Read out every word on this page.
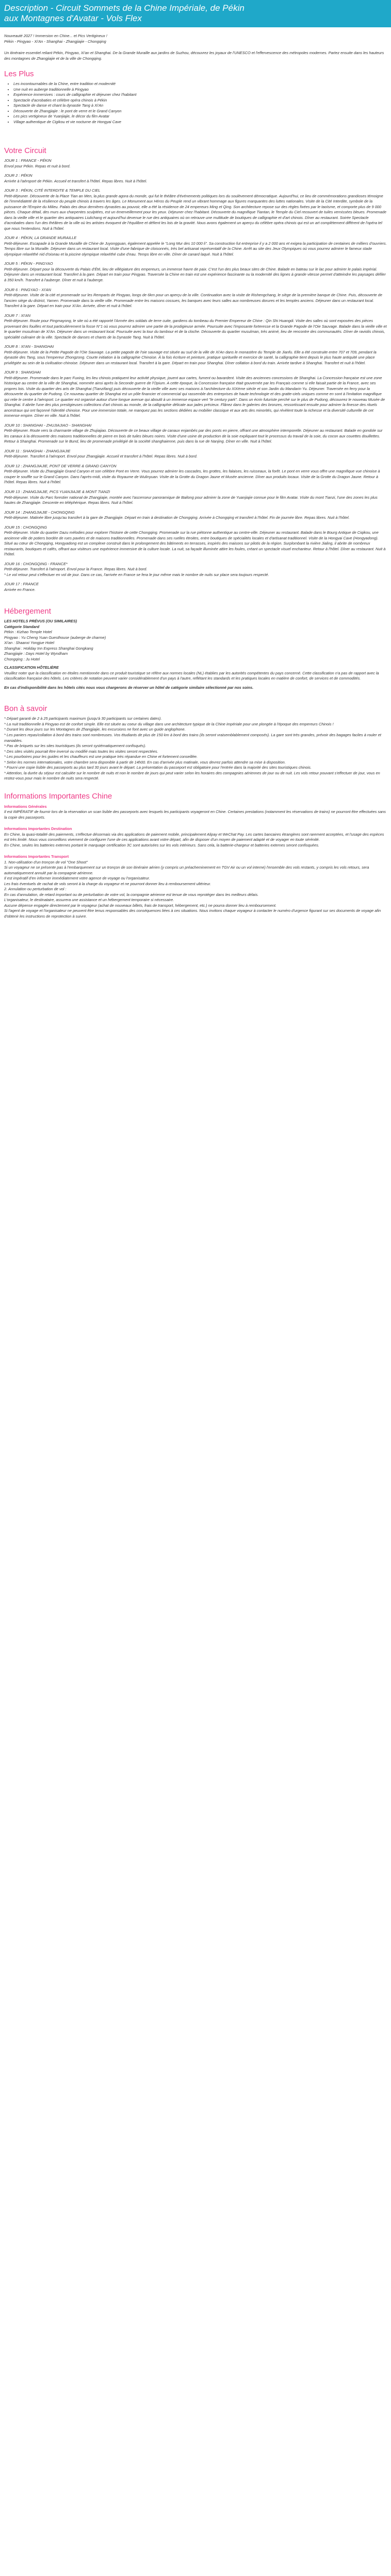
Description - Circuit Sommets de la Chine Impériale, de Pékin aux Montagnes d'Avatar - Vols Flex

Nouveauté 2027 ! Immersion en Chine... et Pics Vertigineux !

Pékin - Pingyao - Xi'An - Shanghai - Zhangjiajie - Chongqing

Un itinéraire essentiel reliant Pékin, Pingyao, Xi'an et Shanghai. De la Grande Muraille aux jardins de Suzhou, découvrez les joyaux de l'UNESCO et l'effervescence des métropoles modernes. Partez ensuite dans les hauteurs des montagnes de Zhangjiajie et de la ville de Chongqing.

Les Plus
• Les incontournables de la Chine, entre tradition et modernité
• Une nuit en auberge traditionnelle à Pingyao
• Expérience immersives : cours de calligraphie et déjeuner chez l'habitant
• Spectacle d'acrobaties et célèbre opéra chinois à Pékin
• Spectacle de danse et chant la dynastie Tang à Xi'An
• Découverte de Zhangjiajie : le pont de verre et le Grand Canyon
• Les pics vertigineux de Yuanjiajie, le décor du film Avatar
• Village authentique de Cigikou et vie nocturne de Hongyai Cave
Votre Circuit

JOUR 1 : FRANCE - PÉKIN

Envol pour Pékin. Repas et nuit à bord.

JOUR 2 : PÉKIN

Arrivée à l'aéroport de Pékin. Accueil et transfert à l'hôtel. Repas libres. Nuit à l'hôtel.

JOUR 3 : PÉKIN, CITÉ INTERDITE & TEMPLE DU CIEL

Petit-déjeuner. Découverte de la Place Tian an Men, la plus grande agora du monde, qui fut le théâtre d'événements politiques lors du soulèvement démocratique. Aujourd'hui, ce lieu de commémorations grandioses témoigne de l'immédiateté de la résilience du peuple chinois à travers les âges. Le Monument aux Héros du Peuple rend un vibrant hommage aux figures marquantes des luttes nationales. Visite de la Cité Interdite, symbole de la puissance de l'Empire du Milieu. Palais des deux dernières dynasties au pouvoir, elle a été la résidence de 24 empereurs Ming et Qing. Son architecture repose sur des règles fixées par le taoïsme, et comporte plus de 9 000 pièces. Chaque détail, des murs aux charpentes sculptées, est un émerveillement pour les yeux. Déjeuner chez l'habitant. Découverte du magnifique Tiantan, le Temple du Ciel recouvert de tuiles vernissées bleues. Promenade dans la vieille ville et le quartier des antiquaires Liulichang et aujourd'hui devenue le rue des antiquaires où on retrouve une multitude de boutiques de calligraphie et d'art chinois. Dîner au restaurant. Soirée Spectacle d'acrobaties dans l'un des théâtres de la ville où les artistes évoquent de l'équilibre et défient les lois de la gravité. Nous avons également un aperçu du célèbre opéra chinois qui est un art complètement différent de l'opéra tel que nous l'entendons. Nuit à l'hôtel.

JOUR 4 : PÉKIN, LA GRANDE MURAILLE

Petit-déjeuner. Escapade à la Grande Muraille de Chine de Juyongguan, également appelée le "Long Mur des 10 000 li". Sa construction fut entreprise il y a 2 000 ans et exigea la participation de centaines de milliers d'ouvriers. Temps libre sur la Muraille. Déjeuner dans un restaurant local. Visite d'une fabrique de cloisonnés, très bel artisanat représentatif de la Chine. Arrêt au site des Jeux Olympiques où vous pourrez admirer le fameux stade olympique relaxéthé nid d'oiseau et la piscine olympique relaxéthé cube d'eau. Temps libre en ville. Dîner de canard laqué. Nuit à l'hôtel.

JOUR 5 : PÉKIN - PINGYAO

Petit-déjeuner. Départ pour la découverte du Palais d'Été, lieu de villégiature des empereurs, un immense havre de paix. C'est l'un des plus beaux sites de Chine. Balade en bateau sur le lac pour admirer le palais impérial. Déjeuner dans un restaurant local. Transfert à la gare. Départ en train pour Pingyao. Traversée la Chine en train est une expérience fascinante ou la modernité des lignes à grande vitesse permet d'atteindre les paysages défiler à 350 km/h. Transfert à l'auberge. Dîner et nuit à l'auberge.

JOUR 6 : PINGYAO - XI'AN

Petit-déjeuner. Visite de la cité et promenade sur les Remparts de Pingyao, longs de 6km pour un aperçu de la ville. Continuation avec la visite de Rishengchang, le siège de la première banque de Chine. Puis, découverte de l'ancien siège du district, Yamen. Promenade dans la vieille ville. Promenade entre les maisons cossues, les banques avec leurs salles aux nombreuses dorures et les temples anciens. Déjeuner dans un restaurant local. Transfert à la gare. Départ en train pour Xi'An. Arrivée, dîner et nuit à l'hôtel.

JOUR 7 : XI'AN

Petit-déjeuner. Route pour Pingmayong, le site où a été rapporté l'Armée des soldats de terre cuite, gardiens du tombeau du Premier Empereur de Chine : Qin Shi Huangdi. Visite des salles où sont exposées des pièces provenant des fouilles et tout particulièrement la fosse N°1 où vous pourrez admirer une partie de la prodigieuse armée. Poursuite avec l'imposante forteresse et la Grande Pagode de l'Oie Sauvage. Balade dans la vieille ville et le quartier musulman de Xi'An. Déjeuner dans un restaurant local. Poursuite avec la tour du tambour et de la cloche. Découverte du quartier musulman, très animé, lieu de rencontre des communautés. Dîner de raviolis chinois, spécialité culinaire de la ville. Spectacle de danses et chants de la Dynastie Tang. Nuit à l'hôtel.

JOUR 8 : XI'AN - SHANGHAI

Petit-déjeuner. Visite de la Petite Pagode de l'Oie Sauvage. La petite pagode de l'oie sauvage est située au sud de la ville de Xi'An dans le monastère du Temple de Jianfu. Elle a été construite entre 707 et 709, pendant la dynastie des Tang, sous l'empereur Zhongzong. Courte initiation à la calligraphie Chinoise. À la fois écriture et peinture, pratique spirituelle et exercice de santé, la calligraphie tient depuis le plus haute antiquité une place privilégiée au sein de la civilisation chinoise. Déjeuner dans un restaurant local. Transfert à la gare. Départ en train pour Shanghai. Dîner collation à bord du train. Arrivée tardive à Shanghai. Transfert et nuit à l'hôtel.

JOUR 9 : SHANGHAI

Petit-déjeuner. Promenade dans le parc Fuxing, les lieu chinois pratiquent leur activité physique, jouent aux cartes, fument ou bavardent. Visite des anciennes concessions de Shanghai. La Concession française est une zone historique au centre de la ville de Shanghai, nommée ainsi après la Seconde guerre de l'Opium. A cette époque, la Concession française était gouvernée par les Français comme si elle faisait partie de la France, avec ses propres lois. Visite du quartier des arts de Shanghai (Tianzifang) puis découverte de la vieille ville avec ses maisons à l'architecture du XIXème siècle et son Jardin du Mandarin Yu. Déjeuner. Traversée en ferry pour la découverte du quartier de Pudong. Ce nouveau quartier de Shanghai est un pôle financier et commercial qui rassemble des entreprises de haute technologie et des gratte-ciels uniques comme en sont à l'imitation magnifique qui relie le centre à l'aéroport. Le quartier est organisé autour d'une longue avenue qui aboutit à un immense espace vert "le century park". Dans un écrin futuriste perché sur le plus de Pudong, découvrez le nouveau Musée de Shanghai. Il abrite l'une des plus prestigieuses collections d'art chinois au monde, de la calligraphie délicate aux jades précieux. Flânez dans le galeries des bronzes, ressortissant ensuite pour admirer la finesse des rituels ancestraux qui ont façonné l'identité chinoise. Pour une immersion totale, ne manquez pas les sections dédiées au mobilier classique et aux arts des minorités, qui révèlent toute la richesse et la diversité culturelle de cet immense empire. Dîner en ville. Nuit à l'hôtel.

JOUR 10 : SHANGHAI - ZHUJIAJIAO - SHANGHAI

Petit-déjeuner. Route vers la charmante village de Zhujiajiao. Découverte de ce beaux village de canaux enjambés par des ponts en pierre, offrant une atmosphère intemporelle. Déjeuner au restaurant. Balade en gondole sur les canaux à la découverte des maisons traditionnelles de pierre en bois de tuiles bleues noires. Visite d'une usine de production de la soie expliquant tout le processus du travail de la soie, du cocon aux couettes douillettes. Retour à Shanghai. Promenade sur le Bund, lieu de promenade privilégié de la société shanghaienne, puis dans la rue de Nanjing. Dîner en ville. Nuit à l'hôtel.

JOUR 11 : SHANGHAI - ZHANGJIAJIE

Petit-déjeuner. Transfert à l'aéroport. Envol pour Zhangjiajie. Accueil et transfert à l'hôtel. Repas libres. Nuit à bord.

JOUR 12 : ZHANGJIAJIE, PONT DE VERRE & GRAND CANYON

Petit-déjeuner. Visite du Zhangjiajie Grand Canyon et son célèbre Pont en Verre. Vous pourrez admirer les cascades, les grottes, les falaises, les ruisseaux, la forêt. Le pont en verre vous offre une magnifique vue chinoise à couper le souffle sur le Grand Canyon. Dans l'après-midi, visite du Royaume de Wulinyuan. Visite de la Grotte du Dragon Jaune et Musée ancienne. Dîner aux produits locaux. Visite de la Grotte du Dragon Jaune. Retour à l'hôtel. Repas libres. Nuit à l'hôtel.

JOUR 13 : ZHANGJIAJIE, PICS YUANJIAJIE & MONT TIANZI

Petit-déjeuner. Visite du Parc forestier national de Zhangjiajie, montée avec l'ascenseur panoramique de Bailong pour admirer la zone de Yuanjiajie connue pour le film Avatar. Visite du mont Tianzi, l'une des zones les plus hautes de Zhangjiajie. Descente en téléphérique. Repas libres. Nuit à l'hôtel.

JOUR 14 : ZHANGJIAJIE - CHONGQING

Petit-déjeuner. Matinée libre jusqu'au transfert à la gare de Zhangjiajie. Départ en train à destination de Chongqing. Arrivée à Chongqing et transfert à l'hôtel. Fin de journée libre. Repas libres. Nuit à l'hôtel.

JOUR 15 : CHONGQING

Petit-déjeuner. Visite du quartier Dazu mélodies pour explorer l'histoire de cette Chongqing. Promenade sur la rue piétonne authentique au centre-ville. Déjeuner au restaurant. Balade dans le Bourg Antique de Ciqikou, une ancienne ville de potiers bordée de rues pavées et de maisons traditionnelles. Promenade dans ses ruelles étroites, entre boutiques de spécialités locales et d'artisanat traditionnel. Visite de la Hongyai Cave (Hongyadong). Situé au cœur de Chongqing, Hongyadong est un complexe construit dans le prolongement des bâtiments en terrasses, inspirés des maisons sur pilotis de la région. Surplombant la rivière Jialing, il abrite de nombreux restaurants, boutiques et cafés, offrant aux visiteurs une expérience immersive de la culture locale. La nuit, sa façade illuminée attire les foules, créant un spectacle visuel enchanteur. Retour à l'hôtel. Dîner au restaurant. Nuit à l'hôtel.

JOUR 16 : CHONGQING - FRANCE*

Petit-déjeuner. Transfert à l'aéroport. Envol pour la France. Repas libres. Nuit à bord.
* Le vol retour peut s'effectuer en vol de jour. Dans ce cas, l'arrivée en France se fera le jour même mais le nombre de nuits sur place sera toujours respecté.

JOUR 17 : FRANCE

Arrivée en France.

Hébergement

LES HOTELS PRÉVUS (OU SIMILAIRES)

Catégorie Standard

Pékin : Kizhao Temple Hotel

Pingyao : Yu Cheng Yuan Guesthouse (auberge de charme)

Xi'an : Shaanxi Yongjue Hotel

Shanghai : Holiday Inn Express Shanghai Gongkang

Zhangjiajie : Days Hotel by Wyndham

Chongqing : Ju Hotel

CLASSIFICATION HÔTELIÈRE

Veuillez noter que la classification en étoiles mentionnée dans ce produit touristique se réfère aux normes locales (NL) établies par les autorités compétentes du pays concerné. Cette classification n'a pas de rapport avec la classification française des hôtels. Les critères de notation peuvent varier considérablement d'un pays à l'autre, reflétant les standards et les pratiques locales en matière de confort, de services et de commodités.

En cas d'indisponibilité dans les hôtels cités nous vous chargerons de réserver un hôtel de catégorie similaire sélectionné par nos soins.

Bon à savoir

* Départ garanti de 2 à 25 participants maximum (jusqu'à 30 participants sur certaines dates).

* La nuit traditionnelle à Pingyao est de confort simple. Elle est située au coeur du village dans une architecture typique de la Chine impériale pour une plongée à l'époque des empereurs Chinois !

* Durant les deux jours sur les Montagnes de Zhangjiajie, les excursions ne font avec un guide anglophone.

* Les paniers repas/collation à bord des trains sont nombreuses. Vos étudiants de plus de 150 km à bord des trains (ils seront vraisemblablement composés). La gare sont très grandes, prévoir des bagages faciles à rouler et maniables.

* Pas de briquets sur les sites touristiques (ils seront systématiquement confisqués).

* Des sites visités pourrait être inversé ou modifié mais toutes les visites seront respectées.

* Les pourboires pour les guides et les chauffeurs est une pratique très répandue en Chine et fortement conseillée.

* Selon les normes internationales, votre chambre sera disponible à partir de 14h00. En cas d'arrivée plus matinale, vous devrez parfois attendre sa mise à disposition.

* Fourni une copie lisible des passeports au plus tard 30 jours avant le départ. La présentation du passeport est obligatoire pour l'entrée dans la majorité des sites touristiques chinois.

* Attention, la durée du séjour est calculée sur le nombre de nuits et non le nombre de jours qui peut varier selon les horaires des compagnies aériennes de jour ou de nuit. Les vols retour pouvant s'effectuer de jour, vous en restez-vous pour mais le nombre de nuits sera respecté.

Informations Importantes Chine

Informations Générales

Il est IMPÉRATIF de fournir lors de la réservation un scan lisible des passeports avec lesquels les participants voyageront en Chine. Certaines prestations (notamment les réservations de trains) ne pourront être effectuées sans la copie des passeports.

Informations Importantes Destination

En Chine, la quasi-totalité des paiements, s'effectue désormais via des applications de paiement mobile, principalement Alipay et WeChat Pay. Les cartes bancaires étrangères sont rarement acceptées, et l'usage des espèces est très limité. Nous vous conseillons vivement de configurer l'une de ces applications avant votre départ, afin de disposer d'un moyen de paiement adapté et de voyager en toute sérénité.

En Chine, seules les batteries externes portant le marquage certification 3C sont autorisées sur les vols intérieurs. Sans cela, la batterie-chargeur et batteries externes seront confisquées.

Informations Importantes Transport

1. Non-utilisation d'un tronçon de vol "One Shoot"

Si un voyageur ne se présente pas à l'embarquement sur un tronçon de son itinéraire aérien (y compris un préacheminement en TGV Air ou un vol interne) l'ensemble des vols restants, y compris les vols retours, sera automatiquement annulé par la compagnie aérienne.

Il est impératif d'en informer immédiatement votre agence de voyage ou l'organisateur.

Les frais éventuels de rachat de vols seront à la charge du voyageur et ne pourront donner lieu à remboursement ultérieur.

2. Annulation ou perturbation de vol :

En cas d'annulation, de retard important ou de perturbation de votre vol, la compagnie aérienne est tenue de vous reprotéger dans les meilleurs délais.

L'organisateur, le destinataire, assurera une assistance et un hébergement temporaire si nécessaire.

Aucune dépense engagée directement par le voyageur (achat de nouveaux billets, frais de transport, hébergement, etc.) ne pourra donner lieu à remboursement.

Si l'agent de voyage et l'organisateur ne peuvent être tenus responsables des conséquences liées à ces situations. Nous invitons chaque voyageur à contacter le numéro d'urgence figurant sur ses documents de voyage afin d'obtenir les instructions de reprotection à suivre.
